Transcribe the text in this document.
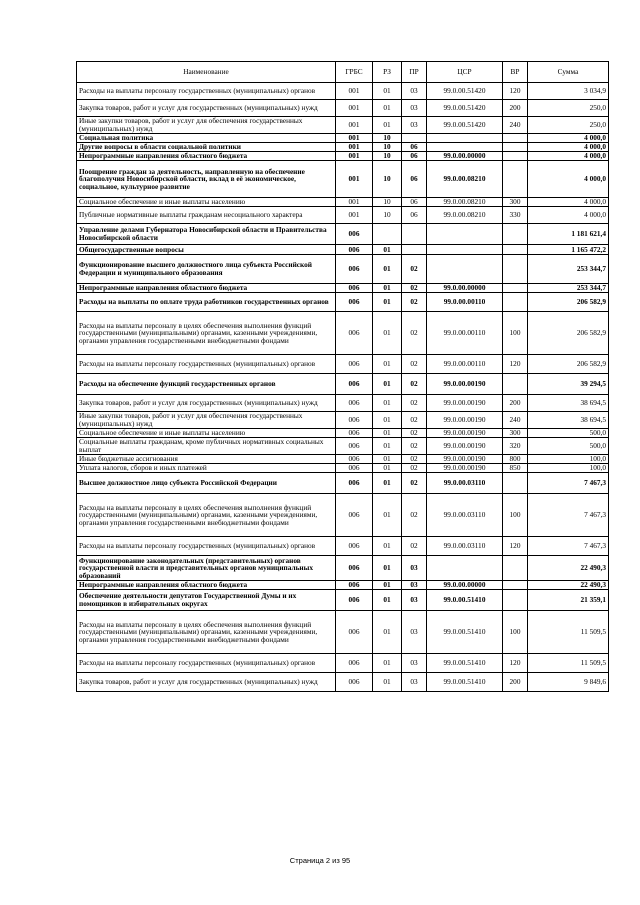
Наименование	ГРБС	РЗ	ПР	ЦСР	ВР	Сумма
Расходы на выплаты персоналу государственных (муниципальных) органов	001	01	03	99.0.00.51420	120	3 034,9
Закупка товаров, работ и услуг для государственных (муниципальных) нужд	001	01	03	99.0.00.51420	200	250,0
Иные закупки товаров, работ и услуг для обеспечения государственных (муниципальных) нужд	001	01	03	99.0.00.51420	240	250,0
Социальная политика	001	10				4 000,0
Другие вопросы в области социальной политики	001	10	06			4 000,0
Непрограммные направления областного бюджета	001	10	06	99.0.00.00000		4 000,0
Поощрение граждан за деятельность, направленную на обеспечение благополучия Новосибирской области, вклад в её экономическое, социальное, культурное развитие	001	10	06	99.0.00.08210		4 000,0
Социальное обеспечение и иные выплаты населению	001	10	06	99.0.00.08210	300	4 000,0
Публичные нормативные выплаты гражданам несоциального характера	001	10	06	99.0.00.08210	330	4 000,0
Управление делами Губернатора Новосибирской области и Правительства Новосибирской области	006					1 181 621,4
Общегосударственные вопросы	006	01				1 165 472,2
Функционирование высшего должностного лица субъекта Российской Федерации и муниципального образования	006	01	02			253 344,7
Непрограммные направления областного бюджета	006	01	02	99.0.00.00000		253 344,7
Расходы на выплаты по оплате труда работников государственных органов	006	01	02	99.0.00.00110		206 582,9
Расходы на выплаты персоналу в целях обеспечения выполнения функций государственными (муниципальными) органами, казенными учреждениями, органами управления государственными внебюджетными фондами	006	01	02	99.0.00.00110	100	206 582,9
Расходы на выплаты персоналу государственных (муниципальных) органов	006	01	02	99.0.00.00110	120	206 582,9
Расходы на обеспечение функций государственных органов	006	01	02	99.0.00.00190		39 294,5
Закупка товаров, работ и услуг для государственных (муниципальных) нужд	006	01	02	99.0.00.00190	200	38 694,5
Иные закупки товаров, работ и услуг для обеспечения государственных (муниципальных) нужд	006	01	02	99.0.00.00190	240	38 694,5
Социальное обеспечение и иные выплаты населению	006	01	02	99.0.00.00190	300	500,0
Социальные выплаты гражданам, кроме публичных нормативных социальных выплат	006	01	02	99.0.00.00190	320	500,0
Иные бюджетные ассигнования	006	01	02	99.0.00.00190	800	100,0
Уплата налогов, сборов и иных платежей	006	01	02	99.0.00.00190	850	100,0
Высшее должностное лицо субъекта Российской Федерации	006	01	02	99.0.00.03110		7 467,3
Расходы на выплаты персоналу в целях обеспечения выполнения функций государственными (муниципальными) органами, казенными учреждениями, органами управления государственными внебюджетными фондами	006	01	02	99.0.00.03110	100	7 467,3
Расходы на выплаты персоналу государственных (муниципальных) органов	006	01	02	99.0.00.03110	120	7 467,3
Функционирование законодательных (представительных) органов государственной власти и представительных органов муниципальных образований	006	01	03			22 490,3
Непрограммные направления областного бюджета	006	01	03	99.0.00.00000		22 490,3
Обеспечение деятельности депутатов Государственной Думы и их помощников в избирательных округах	006	01	03	99.0.00.51410		21 359,1
Расходы на выплаты персоналу в целях обеспечения выполнения функций государственными (муниципальными) органами, казенными учреждениями, органами управления государственными внебюджетными фондами	006	01	03	99.0.00.51410	100	11 509,5
Расходы на выплаты персоналу государственных (муниципальных) органов	006	01	03	99.0.00.51410	120	11 509,5
Закупка товаров, работ и услуг для государственных (муниципальных) нужд	006	01	03	99.0.00.51410	200	9 849,6
Страница 2 из 95
